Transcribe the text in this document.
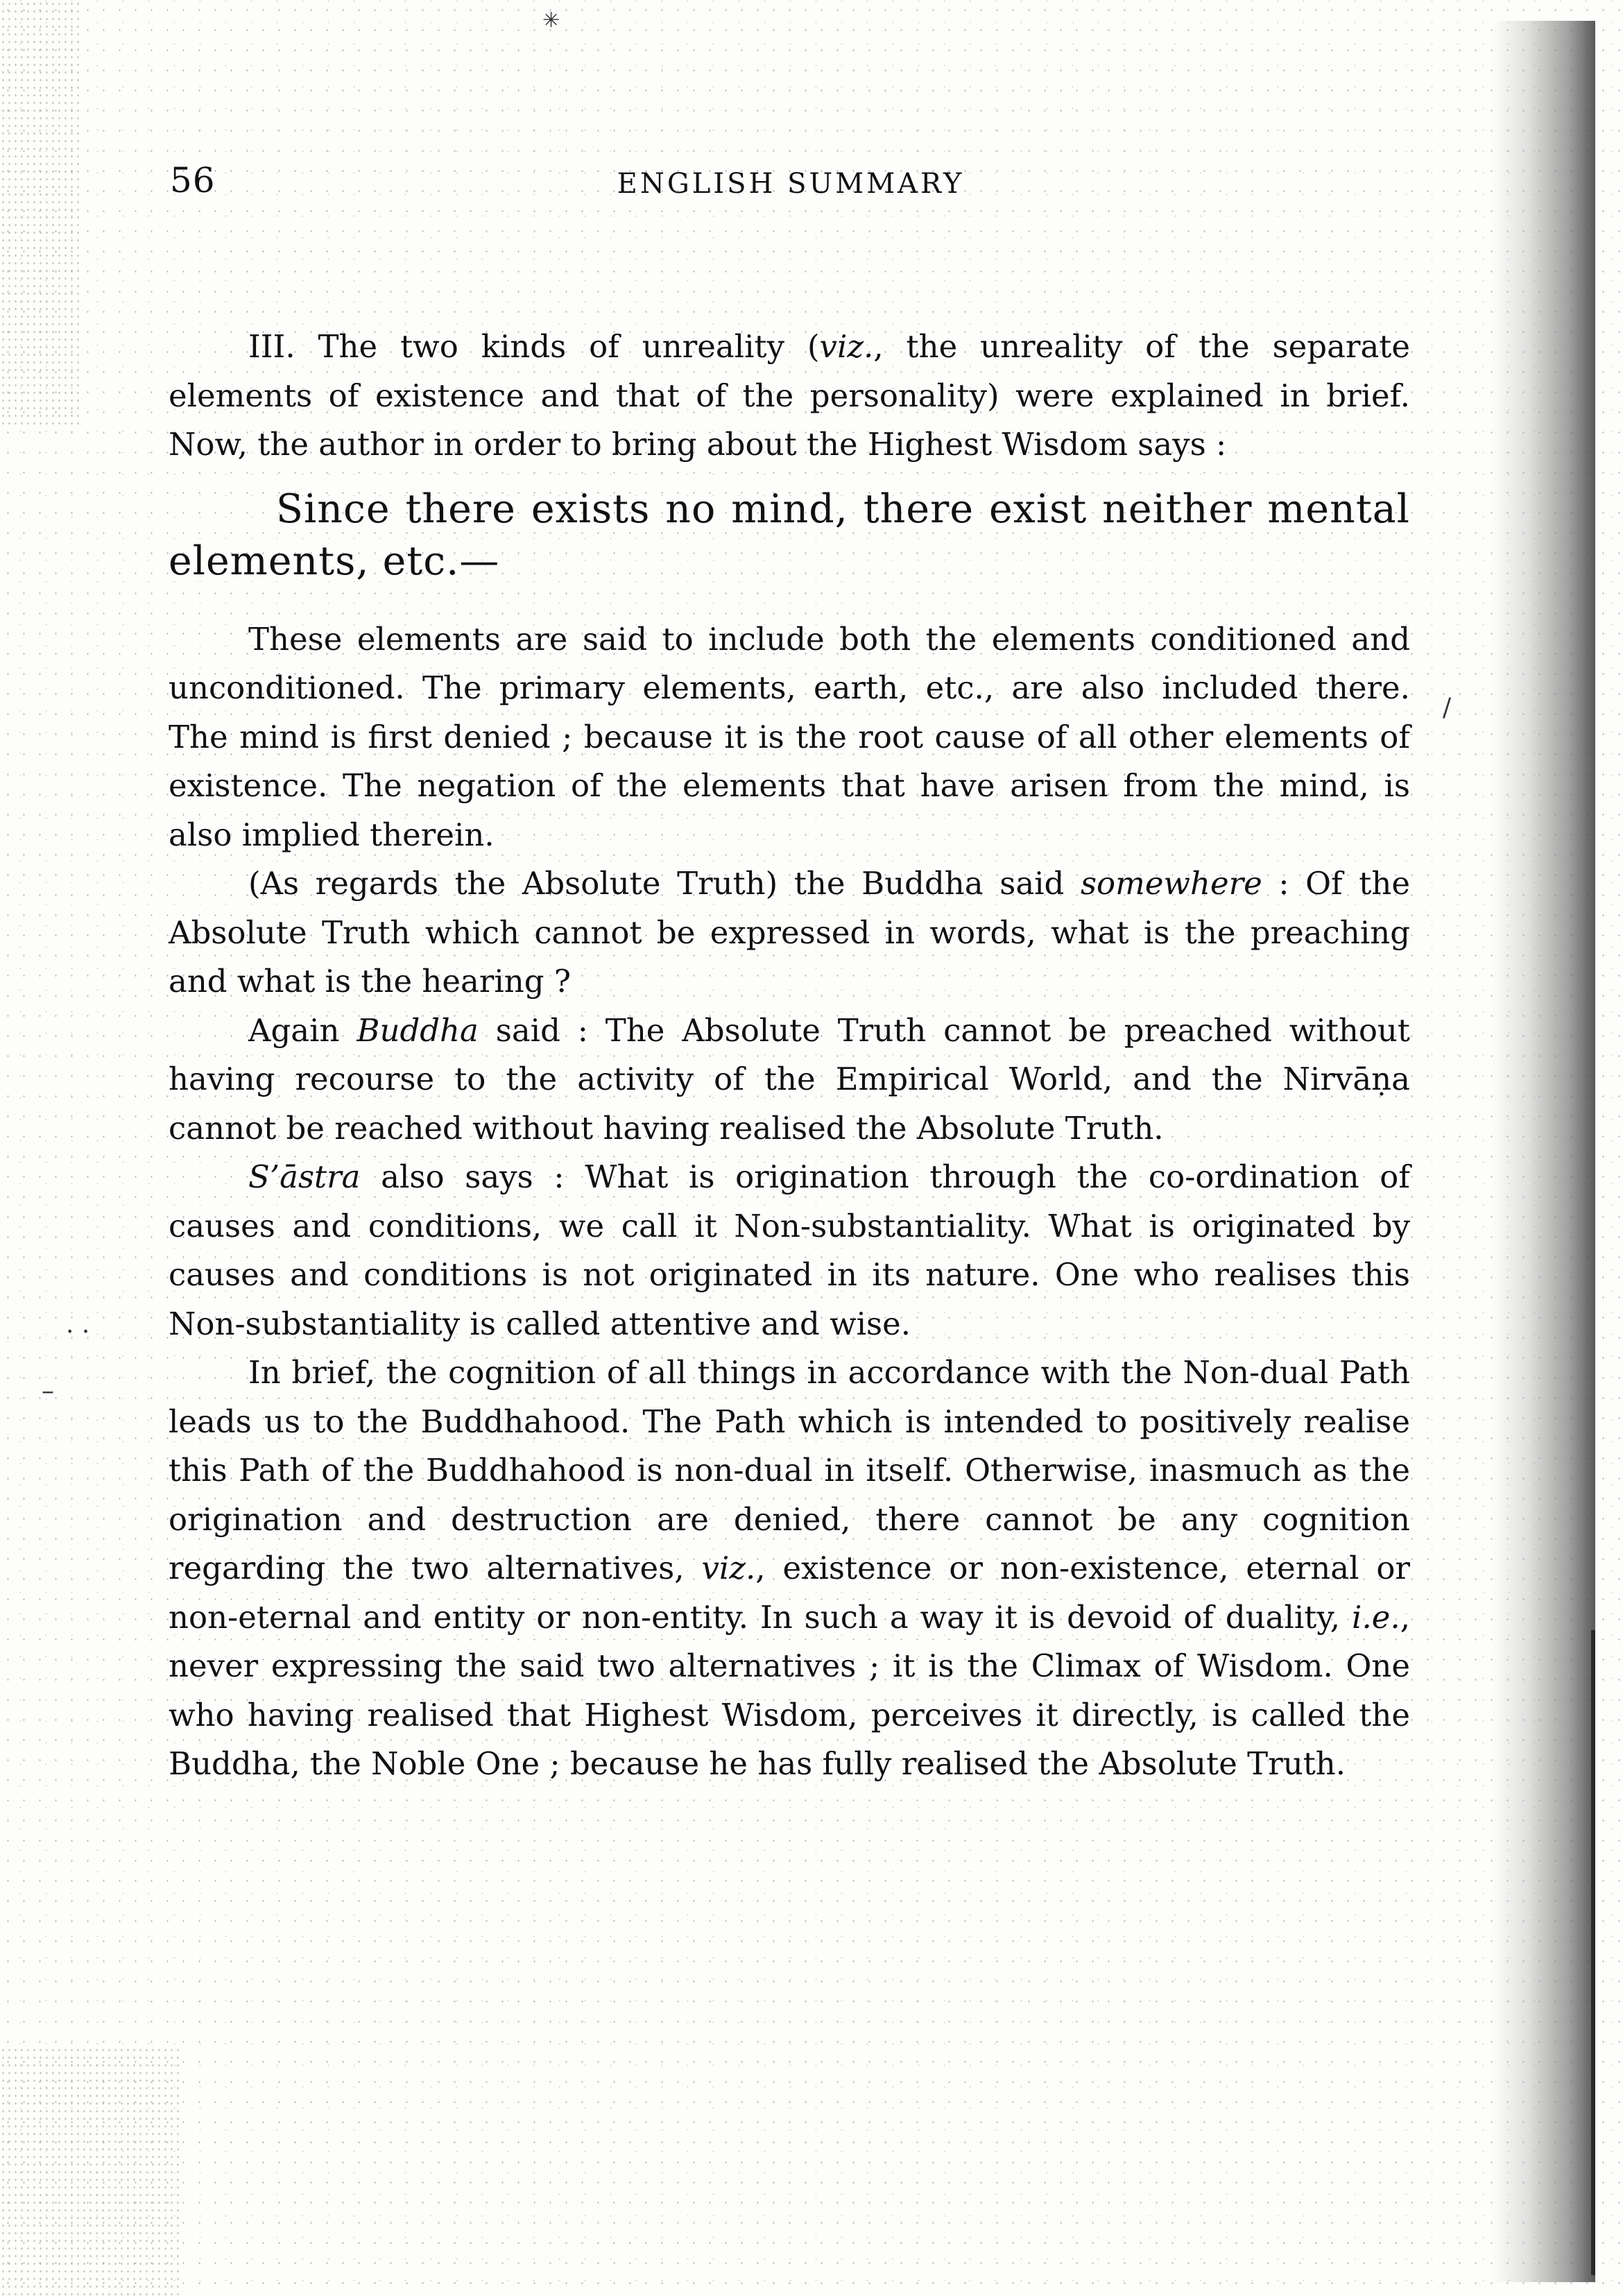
✳
56	ENGLISH SUMMARY

III. The two kinds of unreality (viz., the unreality of the separate elements of existence and that of the personality) were explained in brief. Now, the author in order to bring about the Highest Wisdom says :

Since there exists no mind, there exist neither mental elements, etc.—

These elements are said to include both the elements conditioned and unconditioned. The primary elements, earth, etc., are also included there. The mind is first denied ; because it is the root cause of all other elements of existence. The negation of the elements that have arisen from the mind, is also implied therein.

(As regards the Absolute Truth) the Buddha said somewhere : Of the Absolute Truth which cannot be expressed in words, what is the preaching and what is the hearing ?

Again Buddha said : The Absolute Truth cannot be preached without having recourse to the activity of the Empirical World, and the Nirvāṇa cannot be reached without having realised the Absolute Truth.

S’āstra also says : What is origination through the co-ordination of causes and conditions, we call it Non-substantiality. What is originated by causes and conditions is not originated in its nature. One who realises this Non-substantiality is called attentive and wise.

In brief, the cognition of all things in accordance with the Non-dual Path leads us to the Buddhahood. The Path which is intended to positively realise this Path of the Buddhahood is non-dual in itself. Otherwise, inasmuch as the origination and destruction are denied, there cannot be any cognition regarding the two alternatives, viz., existence or non-existence, eternal or non-eternal and entity or non-entity. In such a way it is devoid of duality, i.e., never expressing the said two alternatives ; it is the Climax of Wisdom. One who having realised that Highest Wisdom, perceives it directly, is called the Buddha, the Noble One ; because he has fully realised the Absolute Truth.

/
· ·
–
